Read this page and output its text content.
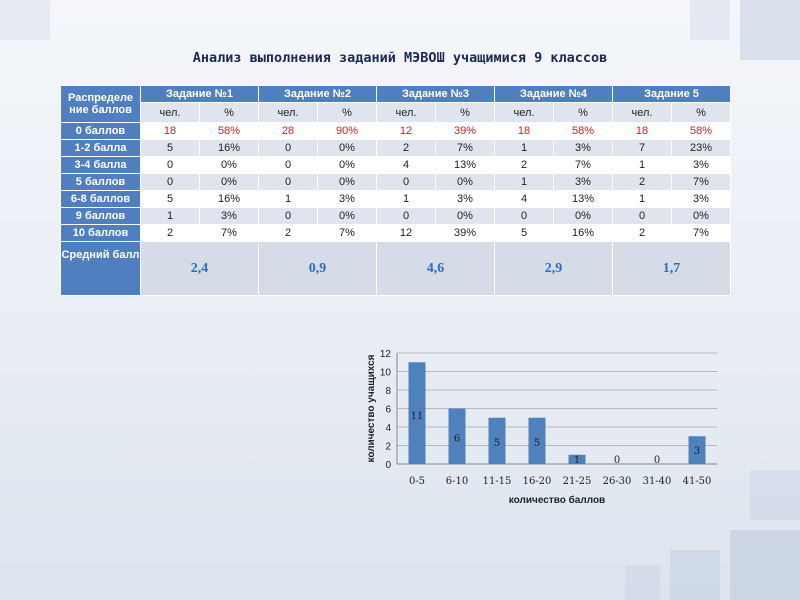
Анализ выполнения заданий МЭВОШ учащимися 9 классов
Распределе ние баллов	Задание №1		Задание №2		Задание №3		Задание №4		Задание 5	
	чел.	%	чел.	%	чел.	%	чел.	%	чел.	%
0 баллов	18	58%	28	90%	12	39%	18	58%	18	58%
1-2 балла	5	16%	0	0%	2	7%	1	3%	7	23%
3-4 балла	0	0%	0	0%	4	13%	2	7%	1	3%
5 баллов	0	0%	0	0%	0	0%	1	3%	2	7%
6-8 баллов	5	16%	1	3%	1	3%	4	13%	1	3%
9 баллов	1	3%	0	0%	0	0%	0	0%	0	0%
10 баллов	2	7%	2	7%	12	39%	5	16%	2	7%
Средний балл	2,4		0,9		4,6		2,9		1,7	
0
2
4
6
8
10
12
11
0-5
6
6-10
5
11-15
5
16-20
1
21-25
0
26-30
0
31-40
3
41-50
количество баллов
количество учащихся
